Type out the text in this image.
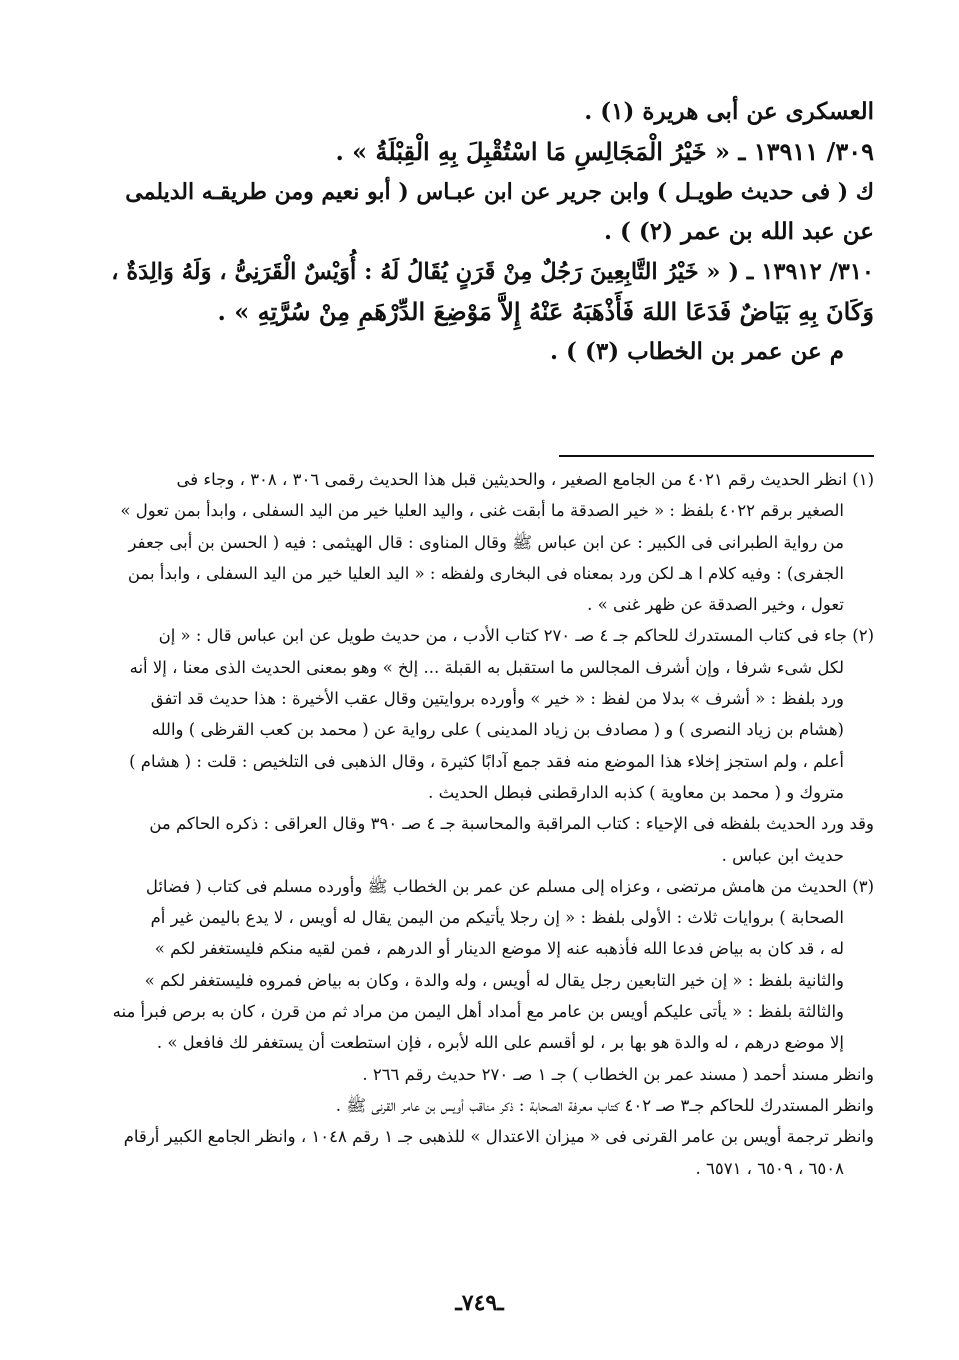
العسكرى عن أبى هريرة (١) .
٣٠٩/ ١٣٩١١ ـ « خَيْرُ الْمَجَالِسِ مَا اسْتُقْبِلَ بِهِ الْقِبْلَةُ » .
ك ( فى حديث طويـل ) وابن جرير عن ابن عبـاس ( أبو نعيم ومن طريقـه الديلمى
عن عبد الله بن عمر (٢) ) .
٣١٠/ ١٣٩١٢ ـ ( « خَيْرُ التَّابِعِينَ رَجُلٌ مِنْ قَرَنٍ يُقَالُ لَهُ : أُوَيْسٌ الْقَرَنِىُّ ، وَلَهُ وَالِدَةٌ ،
وَكَانَ بِهِ بَيَاضٌ فَدَعَا اللهَ فَأَذْهَبَهُ عَنْهُ إِلاَّ مَوْضِعَ الدِّرْهَمِ مِنْ سُرَّتِهِ » .
م عن عمر بن الخطاب (٣) ) .
(١) انظر الحديث رقم ٤٠٢١ من الجامع الصغير ، والحديثين قبل هذا الحديث رقمى ٣٠٦ ، ٣٠٨ ، وجاء فى
الصغير برقم ٤٠٢٢ بلفظ : « خير الصدقة ما أبقت غنى ، واليد العليا خير من اليد السفلى ، وابدأ بمن تعول »
من رواية الطبرانى فى الكبير : عن ابن عباس ﷺ وقال المناوى : قال الهيثمى : فيه ( الحسن بن أبى جعفر
الجفرى) : وفيه كلام ا هـ لكن ورد بمعناه فى البخارى ولفظه : « اليد العليا خير من اليد السفلى ، وابدأ بمن
تعول ، وخير الصدقة عن ظهر غنى » .
(٢) جاء فى كتاب المستدرك للحاكم جـ ٤ صـ ٢٧٠ كتاب الأدب ، من حديث طويل عن ابن عباس قال : « إن
لكل شىء شرفا ، وإن أشرف المجالس ما استقبل به القبلة ... إلخ » وهو بمعنى الحديث الذى معنا ، إلا أنه
ورد بلفظ : « أشرف » بدلا من لفظ : « خير » وأورده بروايتين وقال عقب الأخيرة : هذا حديث قد اتفق
(هشام بن زياد النصرى ) و ( مصادف بن زياد المدينى ) على رواية عن ( محمد بن كعب القرظى ) والله
أعلم ، ولم استجز إخلاء هذا الموضع منه فقد جمع آدابًا كثيرة ، وقال الذهبى فى التلخيص : قلت : ( هشام )
متروك و ( محمد بن معاوية ) كذبه الدارقطنى فبطل الحديث .
وقد ورد الحديث بلفظه فى الإحياء : كتاب المراقبة والمحاسبة جـ ٤ صـ ٣٩٠ وقال العراقى : ذكره الحاكم من
حديث ابن عباس .
(٣) الحديث من هامش مرتضى ، وعزاه إلى مسلم عن عمر بن الخطاب ﷺ وأورده مسلم فى كتاب ( فضائل
الصحابة ) بروايات ثلاث : الأولى بلفظ : « إن رجلا يأتيكم من اليمن يقال له أويس ، لا يدع باليمن غير أم
له ، قد كان به بياض فدعا الله فأذهبه عنه إلا موضع الدينار أو الدرهم ، فمن لقيه منكم فليستغفر لكم »
والثانية بلفظ : « إن خير التابعين رجل يقال له أويس ، وله والدة ، وكان به بياض فمروه فليستغفر لكم »
والثالثة بلفظ : « يأتى عليكم أويس بن عامر مع أمداد أهل اليمن من مراد ثم من قرن ، كان به برص فبرأ منه
إلا موضع درهم ، له والدة هو بها بر ، لو أقسم على الله لأبره ، فإن استطعت أن يستغفر لك فافعل » .
وانظر مسند أحمد ( مسند عمر بن الخطاب ) جـ ١ صـ ٢٧٠ حديث رقم ٢٦٦ .
وانظر المستدرك للحاكم جـ٣ صـ ٤٠٢ كتاب معرفة الصحابة : ذكر مناقب أويس بن عامر القرنى ﷺ .
وانظر ترجمة أويس بن عامر القرنى فى « ميزان الاعتدال » للذهبى جـ ١ رقم ١٠٤٨ ، وانظر الجامع الكبير أرقام
٦٥٠٨ ، ٦٥٠٩ ، ٦٥٧١ .
ـ٧٤٩ـ
